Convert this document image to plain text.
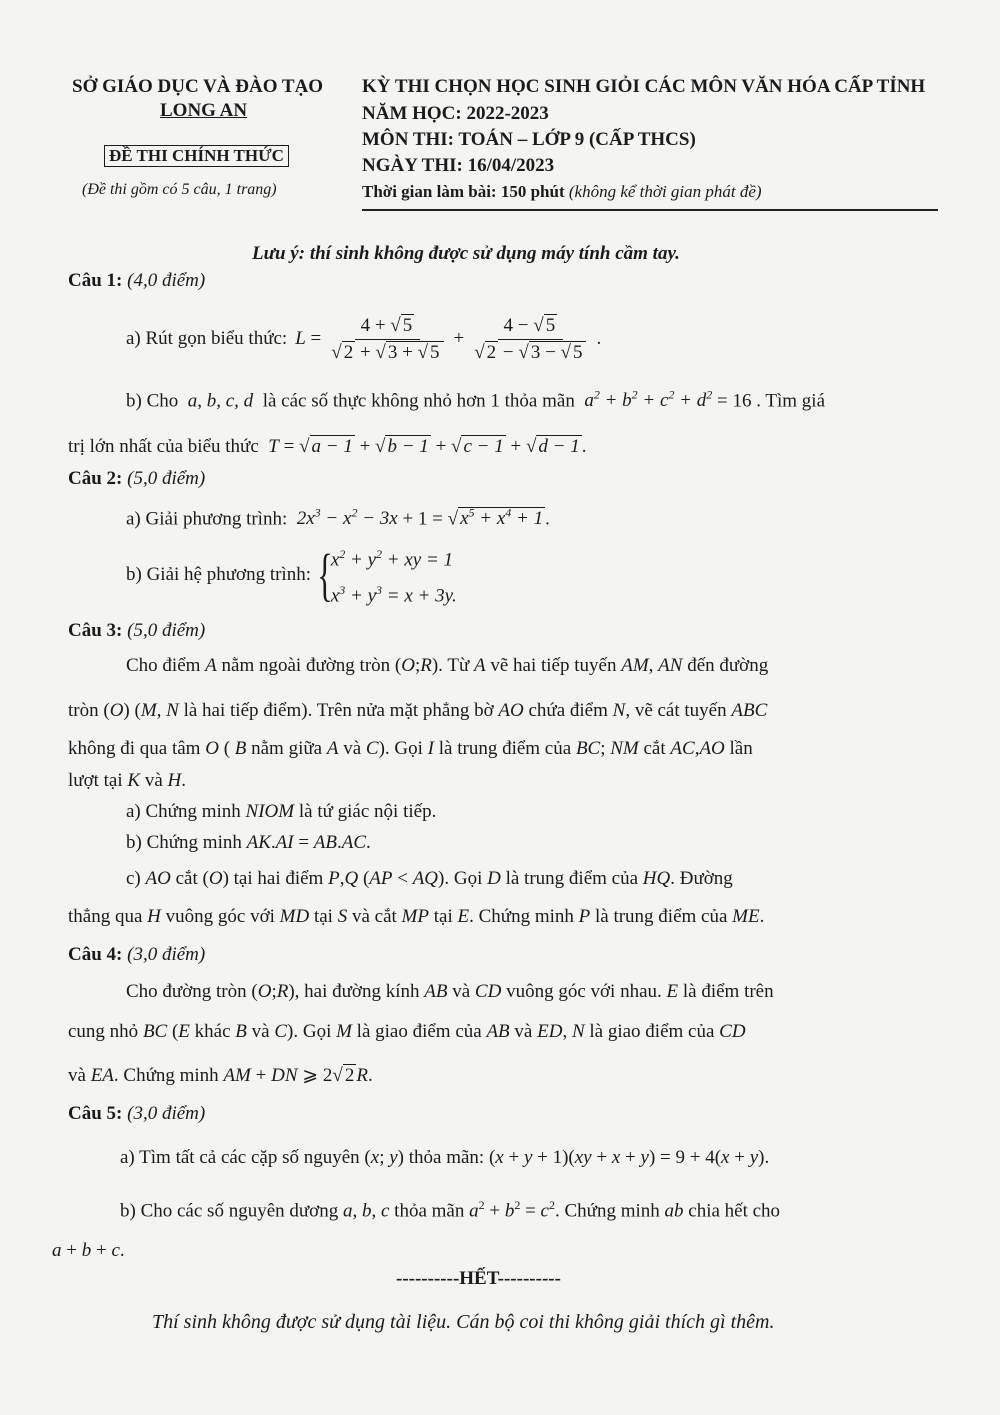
SỞ GIÁO DỤC VÀ ĐÀO TẠO
LONG AN
ĐỀ THI CHÍNH THỨC
(Đề thi gồm có 5 câu, 1 trang)
KỲ THI CHỌN HỌC SINH GIỎI CÁC MÔN VĂN HÓA CẤP TỈNH
NĂM HỌC: 2022-2023
MÔN THI: TOÁN – LỚP 9 (CẤP THCS)
NGÀY THI: 16/04/2023
Thời gian làm bài: 150 phút (không kể thời gian phát đề)
Lưu ý: thí sinh không được sử dụng máy tính cầm tay.
Câu 1: (4,0 điểm)
a) Rút gọn biểu thức: $L = \frac{4 + √ 5}{√ 2 + √ 3 + √ 5} + \frac{4 - √ 5}{√ 2 - √ 3 - √ 5}$ .
b) Cho  a, b, c, d  là các số thực không nhỏ hơn 1 thỏa mãn  $a^2 + b^2 + c^2 + d^2 = 16$ . Tìm giá
trị lớn nhất của biểu thức  T = √ a − 1 + √ b − 1 + √ c − 1 + √ d − 1 .
Câu 2: (5,0 điểm)
a) Giải phương trình:  $2x^3 - x^2 - 3x + 1$ = √ $x^5 + x^4 + 1$ .
b) Giải hệ phương trình: {
$x^2 + y^2$ + xy = 1
$x^3 + y^3 = x + 3y$.
Câu 3: (5,0 điểm)
Cho điểm A nằm ngoài đường tròn (O;R). Từ A vẽ hai tiếp tuyến AM, AN đến đường
tròn (O) (M, N là hai tiếp điểm). Trên nửa mặt phẳng bờ AO chứa điểm N, vẽ cát tuyến ABC
không đi qua tâm O ( B nằm giữa A và C). Gọi I là trung điểm của BC; NM cắt AC,AO lần
lượt tại K và H.
a) Chứng minh NIOM là tứ giác nội tiếp.
b) Chứng minh AK.AI = AB.AC.
c) AO cắt (O) tại hai điểm P,Q (AP < AQ). Gọi D là trung điểm của HQ. Đường
thẳng qua H vuông góc với MD tại S và cắt MP tại E. Chứng minh P là trung điểm của ME.
Câu 4: (3,0 điểm)
Cho đường tròn (O;R), hai đường kính AB và CD vuông góc với nhau. E là điểm trên
cung nhỏ BC (E khác B và C). Gọi M là giao điểm của AB và ED, N là giao điểm của CD
và EA. Chứng minh AM + DN ⩾ 2√ 2 R.
Câu 5: (3,0 điểm)
a) Tìm tất cả các cặp số nguyên (x; y) thỏa mãn: (x + y + 1)(xy + x + y) = 9 + 4(x + y).
b) Cho các số nguyên dương a, b, c thỏa mãn $a^2 + b^2 = c^2$. Chứng minh ab chia hết cho
a + b + c.
----------HẾT----------
Thí sinh không được sử dụng tài liệu. Cán bộ coi thi không giải thích gì thêm.
